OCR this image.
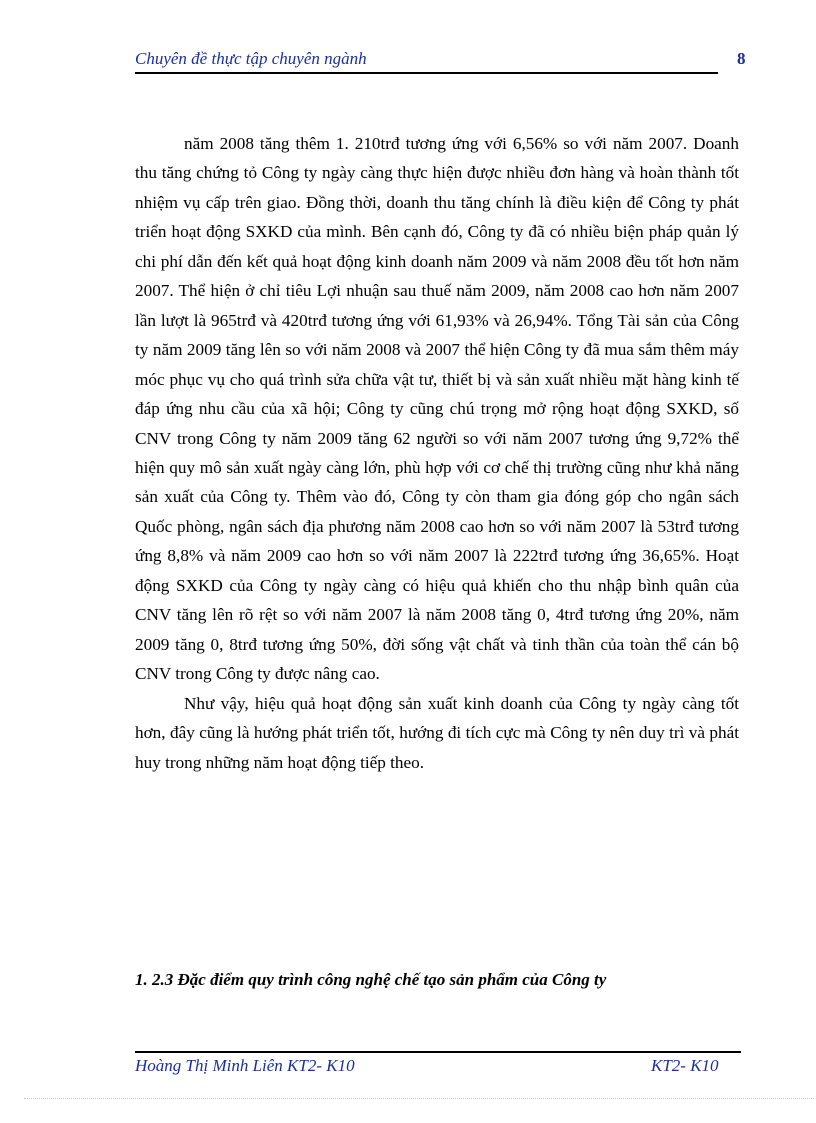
Chuyên đề thực tập chuyên ngành	8

năm 2008 tăng thêm 1. 210trđ tương ứng với 6,56% so với năm 2007. Doanh thu tăng chứng tỏ Công ty ngày càng thực hiện được nhiều đơn hàng và hoàn thành tốt nhiệm vụ cấp trên giao. Đồng thời, doanh thu tăng chính là điều kiện để Công ty phát triển hoạt động SXKD của mình. Bên cạnh đó, Công ty đã có nhiều biện pháp quản lý chi phí dẫn đến kết quả hoạt động kinh doanh năm 2009 và năm 2008 đều tốt hơn năm 2007. Thể hiện ở chỉ tiêu Lợi nhuận sau thuế năm 2009, năm 2008 cao hơn năm 2007 lần lượt là 965trđ và 420trđ tương ứng với 61,93% và 26,94%. Tổng Tài sản của Công ty năm 2009 tăng lên so với năm 2008 và 2007 thể hiện Công ty đã mua sắm thêm máy móc phục vụ cho quá trình sửa chữa vật tư, thiết bị và sản xuất nhiều mặt hàng kinh tế đáp ứng nhu cầu của xã hội; Công ty cũng chú trọng mở rộng hoạt động SXKD, số CNV trong Công ty năm 2009 tăng 62 người so với năm 2007 tương ứng 9,72% thể hiện quy mô sản xuất ngày càng lớn, phù hợp với cơ chế thị trường cũng như khả năng sản xuất của Công ty. Thêm vào đó, Công ty còn tham gia đóng góp cho ngân sách Quốc phòng, ngân sách địa phương năm 2008 cao hơn so với năm 2007 là 53trđ tương ứng 8,8% và năm 2009 cao hơn so với năm 2007 là 222trđ tương ứng 36,65%. Hoạt động SXKD của Công ty ngày càng có hiệu quả khiến cho thu nhập bình quân của CNV tăng lên rõ rệt so với năm 2007 là năm 2008 tăng 0, 4trđ tương ứng 20%, năm 2009 tăng 0, 8trđ tương ứng 50%, đời sống vật chất và tinh thần của toàn thể cán bộ CNV trong Công ty được nâng cao.

Như vậy, hiệu quả hoạt động sản xuất kinh doanh của Công ty ngày càng tốt hơn, đây cũng là hướng phát triển tốt, hướng đi tích cực mà Công ty nên duy trì và phát huy trong những năm hoạt động tiếp theo.

1. 2.3 Đặc điểm quy trình công nghệ chế tạo sản phẩm của Công ty
Hoàng Thị Minh Liên KT2- K10	KT2- K10
